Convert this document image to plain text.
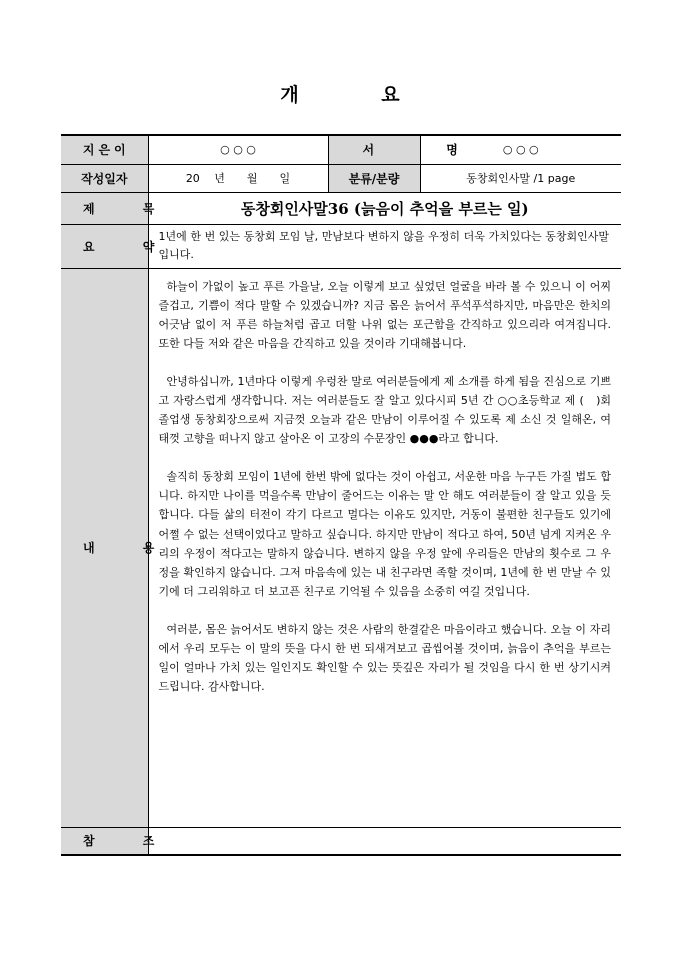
개 요
지은이	○ ○ ○	서 명	○ ○ ○
작성일자	20　 년　　월　　일	분류/분량	동창회인사말 /1 page
제 목	동창회인사말36 (늙음이 추억을 부르는 일)		
요 약	1년에 한 번 있는 동창회 모임 날, 만남보다 변하지 않을 우정히 더욱 가치있다는 동창회인사말입니다.		
내 용	하늘이 가없이 높고 푸른 가을날, 오늘 이렇게 보고 싶었던 얼굴을 바라 볼 수 있으니 이 어찌 즐겁고, 기쁨이 적다 말할 수 있겠습니까? 지금 몸은 늙어서 푸석푸석하지만, 마음만은 한치의 어긋남 없이 저 푸른 하늘처럼 곱고 더할 나위 없는 포근함을 간직하고 있으리라 여겨집니다. 또한 다들 저와 같은 마음을 간직하고 있을 것이라 기대해봅니다.

안녕하십니까, 1년마다 이렇게 우렁찬 말로 여러분들에게 제 소개를 하게 됨을 진심으로 기쁘고 자랑스럽게 생각합니다. 저는 여러분들도 잘 알고 있다시피 5년 간 ○○초등학교 제 (　)회 졸업생 동창회장으로써 지금껏 오늘과 같은 만남이 이루어질 수 있도록 제 소신 것 일해온, 여태껏 고향을 떠나지 않고 살아온 이 고장의 수문장인 ●●●라고 합니다.

솔직히 동창회 모임이 1년에 한번 밖에 없다는 것이 아쉽고, 서운한 마음 누구든 가질 법도 합니다. 하지만 나이를 먹을수록 만남이 줄어드는 이유는 말 안 해도 여러분들이 잘 알고 있을 듯합니다. 다들 삶의 터전이 각기 다르고 멀다는 이유도 있지만, 거동이 불편한 친구들도 있기에 어쩔 수 없는 선택이었다고 말하고 싶습니다. 하지만 만남이 적다고 하여, 50년 넘게 지켜온 우리의 우정이 적다고는 말하지 않습니다. 변하지 않을 우정 앞에 우리들은 만남의 횟수로 그 우정을 확인하지 않습니다. 그저 마음속에 있는 내 친구라면 족할 것이며, 1년에 한 번 만날 수 있기에 더 그리워하고 더 보고픈 친구로 기억될 수 있음을 소중히 여길 것입니다.

여러분, 몸은 늙어서도 변하지 않는 것은 사람의 한결같은 마음이라고 했습니다. 오늘 이 자리에서 우리 모두는 이 말의 뜻을 다시 한 번 되새겨보고 곱씹어볼 것이며, 늙음이 추억을 부르는 일이 얼마나 가치 있는 일인지도 확인할 수 있는 뜻깊은 자리가 될 것임을 다시 한 번 상기시켜드립니다. 감사합니다.		

참 조			
